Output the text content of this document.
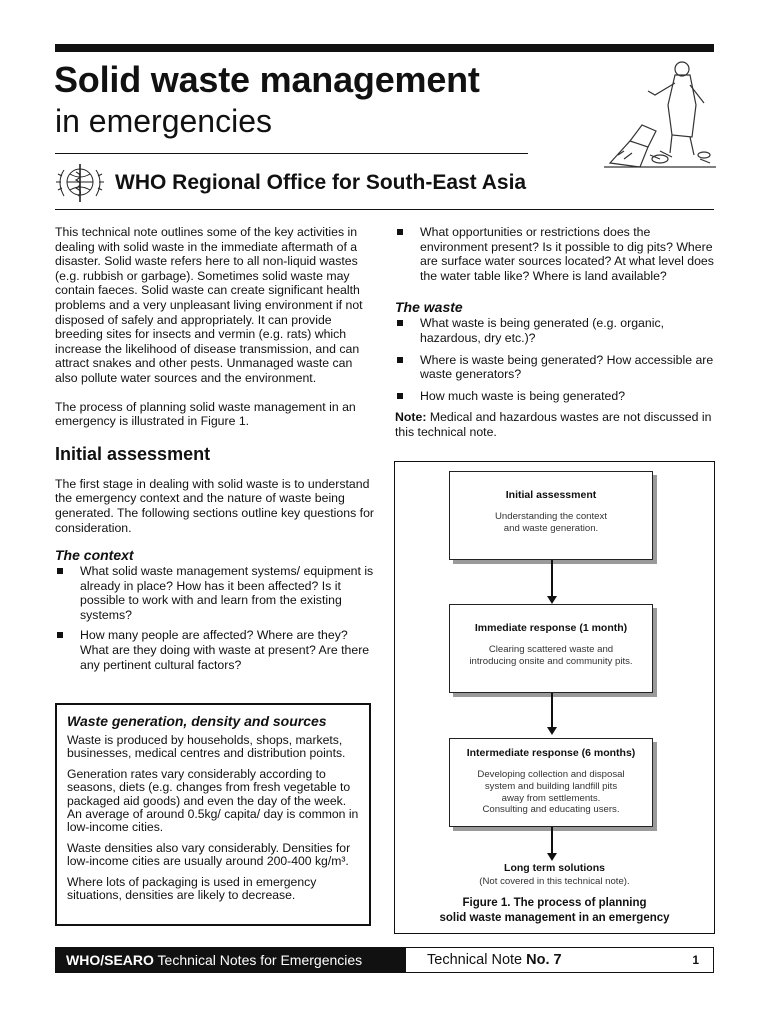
Solid waste management
in emergencies
WHO Regional Office for South-East Asia

This technical note outlines some of the key activities in dealing with solid waste in the immediate aftermath of a disaster. Solid waste refers here to all non-liquid wastes (e.g. rubbish or garbage). Sometimes solid waste may contain faeces. Solid waste can create significant health problems and a very unpleasant living environment if not disposed of safely and appropriately. It can provide breeding sites for insects and vermin (e.g. rats) which increase the likelihood of disease transmission, and can attract snakes and other pests. Unmanaged waste can also pollute water sources and the environment.

The process of planning solid waste management in an emergency is illustrated in Figure 1.

Initial assessment

The first stage in dealing with solid waste is to understand the emergency context and the nature of waste being generated. The following sections outline key questions for consideration.

The context

What solid waste management systems/ equipment is already in place? How has it been affected? Is it possible to work with and learn from the existing systems?
How many people are affected? Where are they? What are they doing with waste at present? Are there any pertinent cultural factors?

Waste generation, density and sources

Waste is produced by households, shops, markets, businesses, medical centres and distribution points.

Generation rates vary considerably according to seasons, diets (e.g. changes from fresh vegetable to packaged aid goods) and even the day of the week. An average of around 0.5kg/ capita/ day is common in low-income cities.

Waste densities also vary considerably. Densities for low-income cities are usually around 200-400 kg/m³.

Where lots of packaging is used in emergency situations, densities are likely to decrease.

What opportunities or restrictions does the environment present? Is it possible to dig pits? Where are surface water sources located? At what level does the water table like? Where is land available?

The waste

What waste is being generated (e.g. organic, hazardous, dry etc.)?
Where is waste being generated? How accessible are waste generators?
How much waste is being generated?

Note: Medical and hazardous wastes are not discussed in this technical note.

Initial assessment
Understanding the context
and waste generation.
Immediate response (1 month)
Clearing scattered waste and
introducing onsite and community pits.
Intermediate response (6 months)
Developing collection and disposal
system and building landfill pits
away from settlements.
Consulting and educating users.
Long term solutions
(Not covered in this technical note).
Figure 1. The process of planning
solid waste management in an emergency
WHO/SEARO Technical Notes for Emergencies	Technical Note No. 7	1
